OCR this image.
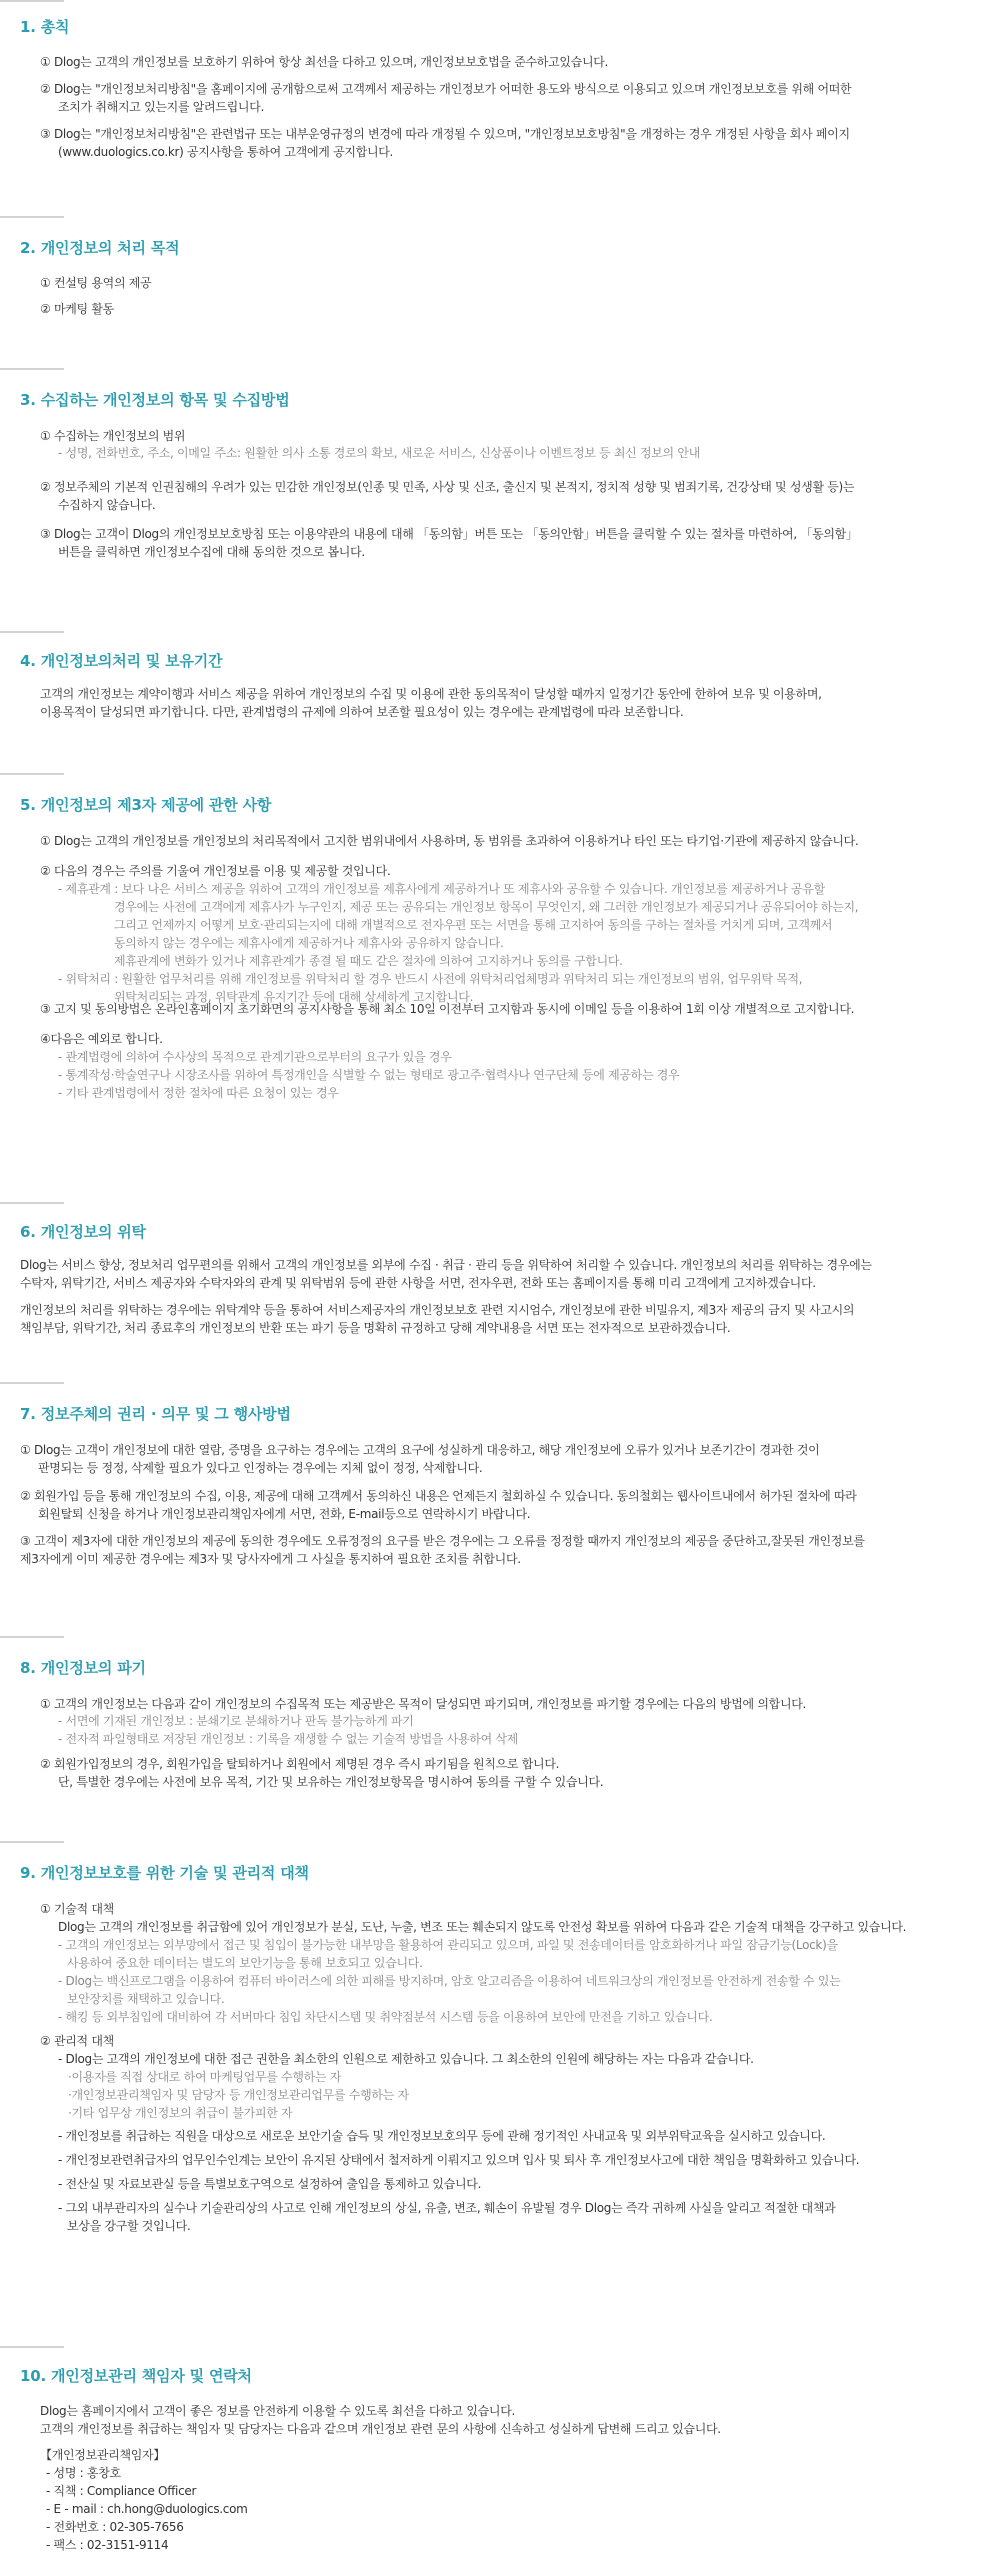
1. 총칙
① Dlog는 고객의 개인정보를 보호하기 위하여 항상 최선을 다하고 있으며, 개인정보보호법을 준수하고있습니다.
② Dlog는 "개인정보처리방침"을 홈페이지에 공개함으로써 고객께서 제공하는 개인정보가 어떠한 용도와 방식으로 이용되고 있으며 개인정보보호를 위해 어떠한
조치가 취해지고 있는지를 알려드립니다.
③ Dlog는 "개인정보처리방침"은 관련법규 또는 내부운영규정의 변경에 따라 개정될 수 있으며, "개인정보보호방침"을 개정하는 경우 개정된 사항을 회사 페이지
(www.duologics.co.kr) 공지사항을 통하여 고객에게 공지합니다.
2. 개인정보의 처리 목적
① 컨설팅 용역의 제공
② 마케팅 활동
3. 수집하는 개인정보의 항목 및 수집방법
① 수집하는 개인정보의 범위
- 성명, 전화번호, 주소, 이메일 주소: 원활한 의사 소통 경로의 확보, 새로운 서비스, 신상품이나 이벤트정보 등 최신 정보의 안내
② 정보주체의 기본적 인권침해의 우려가 있는 민감한 개인정보(인종 및 민족, 사상 및 신조, 출신지 및 본적지, 정치적 성향 및 범죄기록, 건강상태 및 성생활 등)는
수집하지 않습니다.
③ Dlog는 고객이 Dlog의 개인정보보호방침 또는 이용약관의 내용에 대해 「동의함」버튼 또는 「동의안함」버튼을 클릭할 수 있는 절차를 마련하여, 「동의함」
버튼을 클릭하면 개인정보수집에 대해 동의한 것으로 봅니다.
4. 개인정보의처리 및 보유기간
고객의 개인정보는 계약이행과 서비스 제공을 위하여 개인정보의 수집 및 이용에 관한 동의목적이 달성할 때까지 일정기간 동안에 한하여 보유 및 이용하며,
이용목적이 달성되면 파기합니다. 다만, 관계법령의 규제에 의하여 보존할 필요성이 있는 경우에는 관계법령에 따라 보존합니다.
5. 개인정보의 제3자 제공에 관한 사항
① Dlog는 고객의 개인정보를 개인정보의 처리목적에서 고지한 범위내에서 사용하며, 동 범위를 초과하여 이용하거나 타인 또는 타기업·기관에 제공하지 않습니다.
② 다음의 경우는 주의를 기울여 개인정보를 이용 및 제공할 것입니다.
- 제휴관계 : 보다 나은 서비스 제공을 위하여 고객의 개인정보를 제휴사에게 제공하거나 또 제휴사와 공유할 수 있습니다. 개인정보를 제공하거나 공유할
경우에는 사전에 고객에게 제휴사가 누구인지, 제공 또는 공유되는 개인정보 항목이 무엇인지, 왜 그러한 개인정보가 제공되거나 공유되어야 하는지,
그리고 언제까지 어떻게 보호·관리되는지에 대해 개별적으로 전자우편 또는 서면을 통해 고지하여 동의를 구하는 절차를 거치게 되며, 고객께서
동의하지 않는 경우에는 제휴사에게 제공하거나 제휴사와 공유하지 않습니다.
제휴관계에 변화가 있거나 제휴관계가 종결 될 때도 같은 절차에 의하여 고지하거나 동의를 구합니다.
- 위탁처리 : 원활한 업무처리를 위해 개인정보를 위탁처리 할 경우 반드시 사전에 위탁처리업체명과 위탁처리 되는 개인정보의 범위, 업무위탁 목적,
위탁처리되는 과정, 위탁관계 유지기간 등에 대해 상세하게 고지합니다.
③ 고지 및 동의방법은 온라인홈페이지 초기화면의 공지사항을 통해 최소 10일 이전부터 고지함과 동시에 이메일 등을 이용하여 1회 이상 개별적으로 고지합니다.
④다음은 예외로 합니다.
- 관계법령에 의하여 수사상의 목적으로 관계기관으로부터의 요구가 있을 경우
- 통계작성·학술연구나 시장조사를 위하여 특정개인을 식별할 수 없는 형태로 광고주·협력사나 연구단체 등에 제공하는 경우
- 기타 관계법령에서 정한 절차에 따른 요청이 있는 경우
6. 개인정보의 위탁
Dlog는 서비스 향상, 정보처리 업무편의를 위해서 고객의 개인정보를 외부에 수집 · 취급 · 관리 등을 위탁하여 처리할 수 있습니다. 개인정보의 처리를 위탁하는 경우에는
수탁자, 위탁기간, 서비스 제공자와 수탁자와의 관계 및 위탁범위 등에 관한 사항을 서면, 전자우편, 전화 또는 홈페이지를 통해 미리 고객에게 고지하겠습니다.
개인정보의 처리를 위탁하는 경우에는 위탁계약 등을 통하여 서비스제공자의 개인정보보호 관련 지시엄수, 개인정보에 관한 비밀유지, 제3자 제공의 금지 및 사고시의
책임부담, 위탁기간, 처리 종료후의 개인정보의 반환 또는 파기 등을 명확히 규정하고 당해 계약내용을 서면 또는 전자적으로 보관하겠습니다.
7. 정보주체의 권리 · 의무 및 그 행사방법
① Dlog는 고객이 개인정보에 대한 열람, 증명을 요구하는 경우에는 고객의 요구에 성실하게 대응하고, 해당 개인정보에 오류가 있거나 보존기간이 경과한 것이
판명되는 등 정정, 삭제할 필요가 있다고 인정하는 경우에는 지체 없이 정정, 삭제합니다.
② 회원가입 등을 통해 개인정보의 수집, 이용, 제공에 대해 고객께서 동의하신 내용은 언제든지 철회하실 수 있습니다. 동의철회는 웹사이트내에서 허가된 절차에 따라
회원탈퇴 신청을 하거나 개인정보관리책임자에게 서면, 전화, E-mail등으로 연락하시기 바랍니다.
③ 고객이 제3자에 대한 개인정보의 제공에 동의한 경우에도 오류정정의 요구를 받은 경우에는 그 오류를 정정할 때까지 개인정보의 제공을 중단하고,잘못된 개인정보를
제3자에게 이미 제공한 경우에는 제3자 및 당사자에게 그 사실을 통지하여 필요한 조치를 취합니다.
8. 개인정보의 파기
① 고객의 개인정보는 다음과 같이 개인정보의 수집목적 또는 제공받은 목적이 달성되면 파기되며, 개인정보를 파기할 경우에는 다음의 방법에 의합니다.
- 서면에 기재된 개인정보 : 분쇄기로 분쇄하거나 판독 불가능하게 파기
- 전자적 파일형태로 저장된 개인정보 : 기록을 재생할 수 없는 기술적 방법을 사용하여 삭제
② 회원가입정보의 경우, 회원가입을 탈퇴하거나 회원에서 제명된 경우 즉시 파기됨을 원칙으로 합니다.
단, 특별한 경우에는 사전에 보유 목적, 기간 및 보유하는 개인정보항목을 명시하여 동의를 구할 수 있습니다.
9. 개인정보보호를 위한 기술 및 관리적 대책
① 기술적 대책
Dlog는 고객의 개인정보를 취급함에 있어 개인정보가 분실, 도난, 누출, 변조 또는 훼손되지 않도록 안전성 확보를 위하여 다음과 같은 기술적 대책을 강구하고 있습니다.
- 고객의 개인정보는 외부망에서 접근 및 침입이 불가능한 내부망을 활용하여 관리되고 있으며, 파일 및 전송데이터를 암호화하거나 파일 잠금기능(Lock)을
사용하여 중요한 데이터는 별도의 보안기능을 통해 보호되고 있습니다.
- Dlog는 백신프로그램을 이용하여 컴퓨터 바이러스에 의한 피해를 방지하며, 암호 알고리즘을 이용하여 네트워크상의 개인정보를 안전하게 전송할 수 있는
보안장치를 채택하고 있습니다.
- 해킹 등 외부침입에 대비하여 각 서버마다 침입 차단시스템 및 취약점분석 시스템 등을 이용하여 보안에 만전을 기하고 있습니다.
② 관리적 대책
- Dlog는 고객의 개인정보에 대한 접근 권한을 최소한의 인원으로 제한하고 있습니다. 그 최소한의 인원에 해당하는 자는 다음과 같습니다.
·이용자를 직접 상대로 하여 마케팅업무를 수행하는 자
·개인정보관리책임자 및 담당자 등 개인정보관리업무를 수행하는 자
·기타 업무상 개인정보의 취급이 불가피한 자
- 개인정보를 취급하는 직원을 대상으로 새로운 보안기술 습득 및 개인정보보호의무 등에 관해 정기적인 사내교육 및 외부위탁교육을 실시하고 있습니다.
- 개인정보관련취급자의 업무인수인계는 보안이 유지된 상태에서 철저하게 이뤄지고 있으며 입사 및 퇴사 후 개인정보사고에 대한 책임을 명확화하고 있습니다.
- 전산실 및 자료보관실 등을 특별보호구역으로 설정하여 출입을 통제하고 있습니다.
- 그외 내부관리자의 실수나 기술관리상의 사고로 인해 개인정보의 상실, 유출, 변조, 훼손이 유발될 경우 Dlog는 즉각 귀하께 사실을 알리고 적절한 대책과
보상을 강구할 것입니다.
10. 개인정보관리 책임자 및 연락처
Dlog는 홈페이지에서 고객이 좋은 정보를 안전하게 이용할 수 있도록 최선을 다하고 있습니다.
고객의 개인정보를 취급하는 책임자 및 담당자는 다음과 같으며 개인정보 관련 문의 사항에 신속하고 성실하게 답변해 드리고 있습니다.
【개인정보관리책임자】
- 성명 : 홍창호
- 직책 : Compliance Officer
- E - mail : ch.hong@duologics.com
- 전화번호 : 02-305-7656
- 팩스 : 02-3151-9114
